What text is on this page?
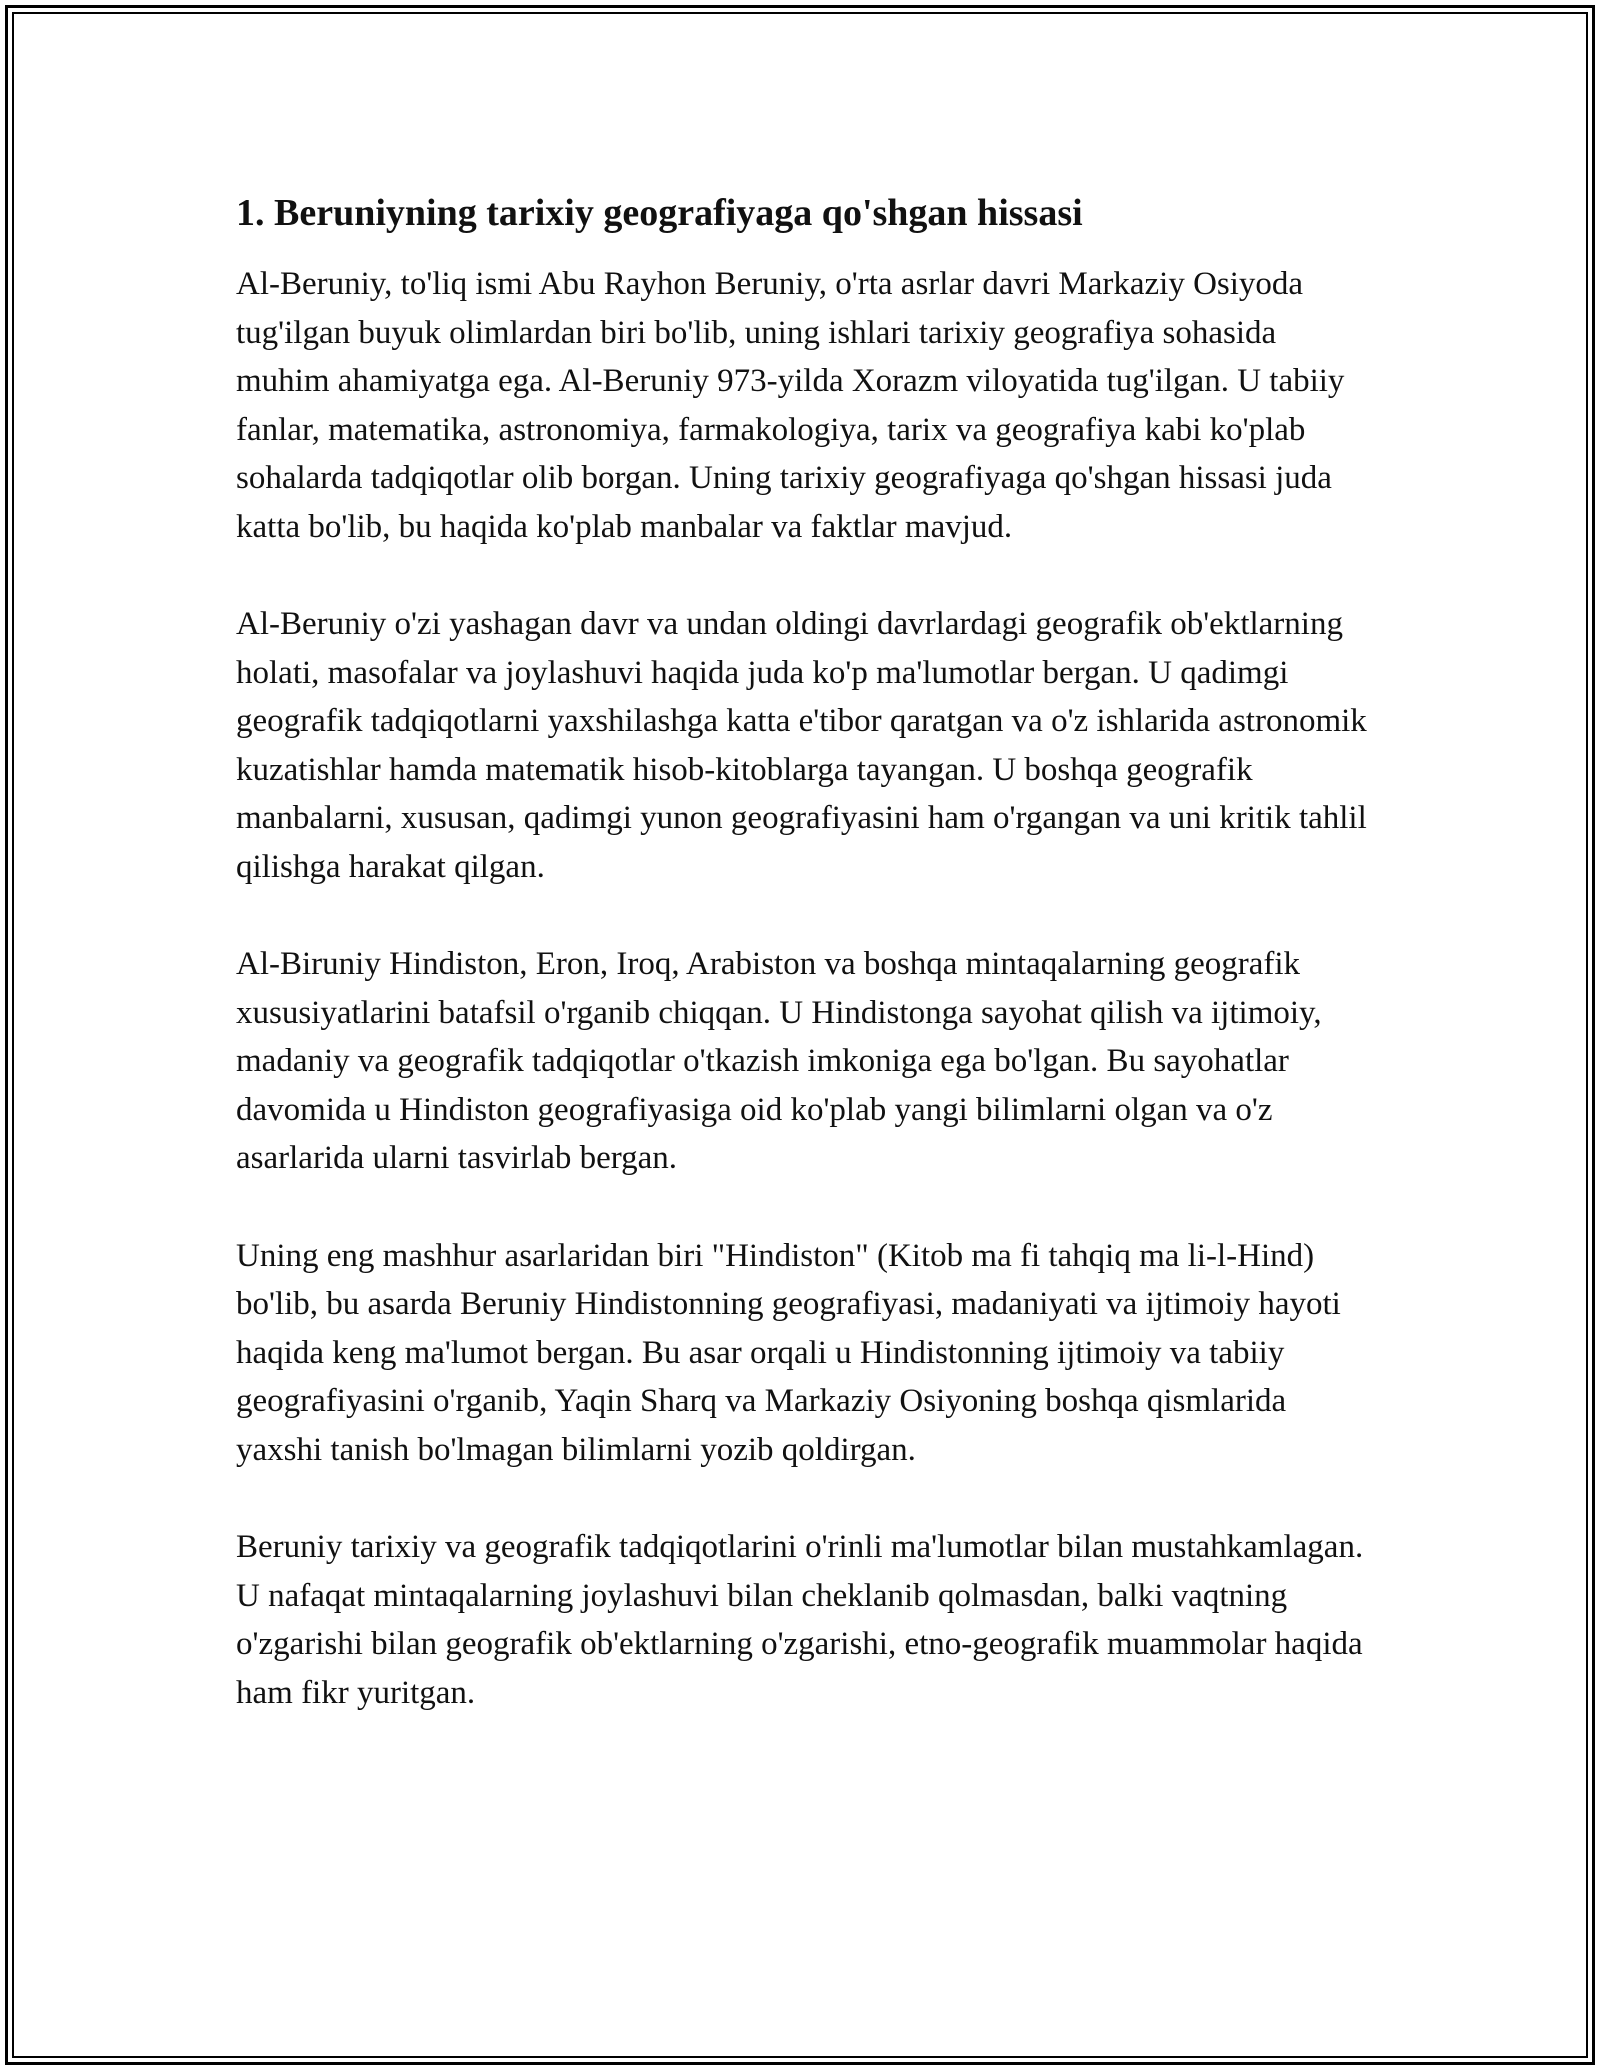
1. Beruniyning tarixiy geografiyaga qo'shgan hissasi

Al-Beruniy, to'liq ismi Abu Rayhon Beruniy, o'rta asrlar davri Markaziy Osiyoda tug'ilgan buyuk olimlardan biri bo'lib, uning ishlari tarixiy geografiya sohasida muhim ahamiyatga ega. Al-Beruniy 973-yilda Xorazm viloyatida tug'ilgan. U tabiiy fanlar, matematika, astronomiya, farmakologiya, tarix va geografiya kabi ko'plab sohalarda tadqiqotlar olib borgan. Uning tarixiy geografiyaga qo'shgan hissasi juda katta bo'lib, bu haqida ko'plab manbalar va faktlar mavjud.

Al-Beruniy o'zi yashagan davr va undan oldingi davrlardagi geografik ob'ektlarning holati, masofalar va joylashuvi haqida juda ko'p ma'lumotlar bergan. U qadimgi geografik tadqiqotlarni yaxshilashga katta e'tibor qaratgan va o'z ishlarida astronomik kuzatishlar hamda matematik hisob-kitoblarga tayangan. U boshqa geografik manbalarni, xususan, qadimgi yunon geografiyasini ham o'rgangan va uni kritik tahlil qilishga harakat qilgan.

Al-Biruniy Hindiston, Eron, Iroq, Arabiston va boshqa mintaqalarning geografik xususiyatlarini batafsil o'rganib chiqqan. U Hindistonga sayohat qilish va ijtimoiy, madaniy va geografik tadqiqotlar o'tkazish imkoniga ega bo'lgan. Bu sayohatlar davomida u Hindiston geografiyasiga oid ko'plab yangi bilimlarni olgan va o'z asarlarida ularni tasvirlab bergan.

Uning eng mashhur asarlaridan biri "Hindiston" (Kitob ma fi tahqiq ma li-l-Hind) bo'lib, bu asarda Beruniy Hindistonning geografiyasi, madaniyati va ijtimoiy hayoti haqida keng ma'lumot bergan. Bu asar orqali u Hindistonning ijtimoiy va tabiiy geografiyasini o'rganib, Yaqin Sharq va Markaziy Osiyoning boshqa qismlarida yaxshi tanish bo'lmagan bilimlarni yozib qoldirgan.

Beruniy tarixiy va geografik tadqiqotlarini o'rinli ma'lumotlar bilan mustahkamlagan. U nafaqat mintaqalarning joylashuvi bilan cheklanib qolmasdan, balki vaqtning o'zgarishi bilan geografik ob'ektlarning o'zgarishi, etno-geografik muammolar haqida ham fikr yuritgan.
